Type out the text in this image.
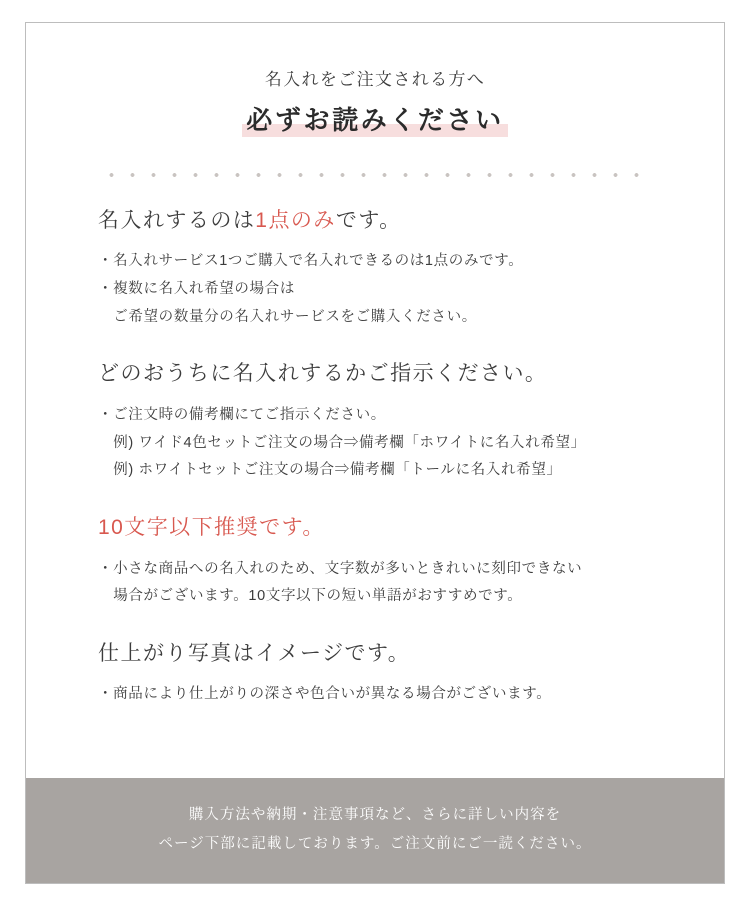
名入れをご注文される方へ

必ずお読みください
名入れするのは1点のみです。
・名入れサービス1つご購入で名入れできるのは1点のみです。
・複数に名入れ希望の場合は
ご希望の数量分の名入れサービスをご購入ください。
どのおうちに名入れするかご指示ください。
・ご注文時の備考欄にてご指示ください。
例) ワイド4色セットご注文の場合⇒備考欄「ホワイトに名入れ希望」
例) ホワイトセットご注文の場合⇒備考欄「トールに名入れ希望」
10文字以下推奨です。
・小さな商品への名入れのため、文字数が多いときれいに刻印できない
場合がございます。10文字以下の短い単語がおすすめです。
仕上がり写真はイメージです。
・商品により仕上がりの深さや色合いが異なる場合がございます。
購入方法や納期・注意事項など、さらに詳しい内容を
ページ下部に記載しております。ご注文前にご一読ください。
